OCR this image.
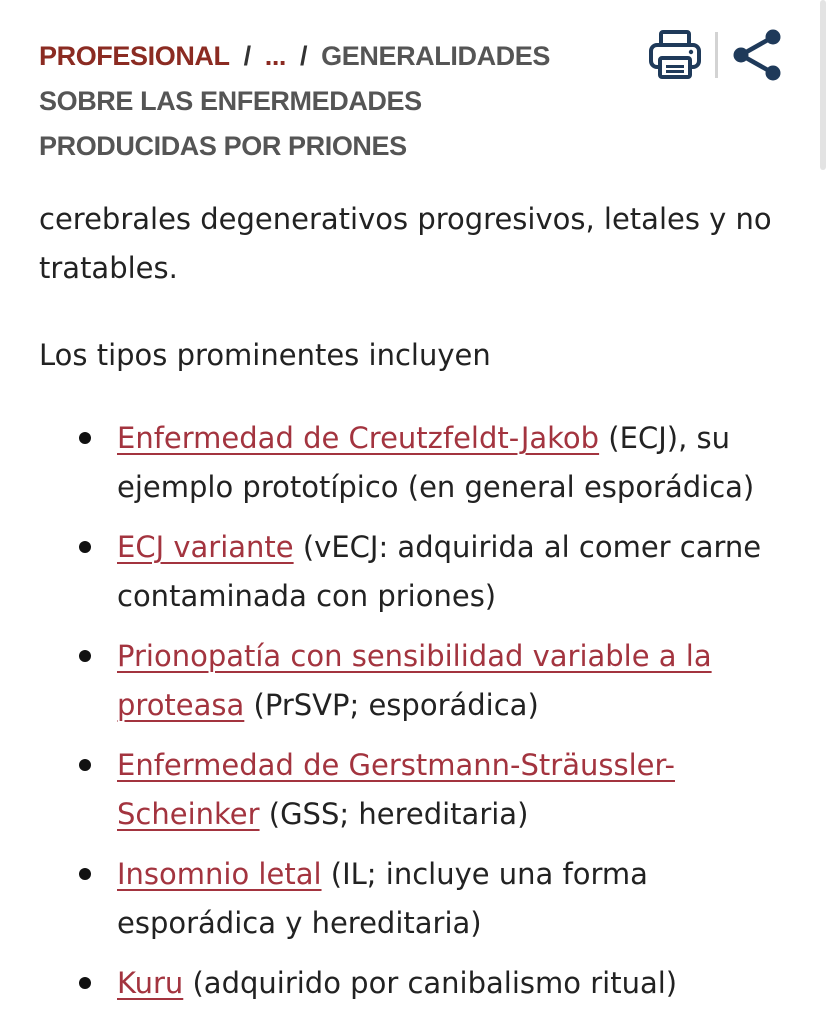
PROFESIONAL / ... / GENERALIDADES SOBRE LAS ENFERMEDADES PRODUCIDAS POR PRIONES

cerebrales degenerativos progresivos, letales y no tratables.

Los tipos prominentes incluyen

Enfermedad de Creutzfeldt-Jakob (ECJ), su ejemplo prototípico (en general esporádica)
ECJ variante (vECJ: adquirida al comer carne contaminada con priones)
Prionopatía con sensibilidad variable a la proteasa (PrSVP; esporádica)
Enfermedad de Gerstmann-Sträussler-Scheinker (GSS; hereditaria)
Insomnio letal (IL; incluye una forma esporádica y hereditaria)
Kuru (adquirido por canibalismo ritual)
